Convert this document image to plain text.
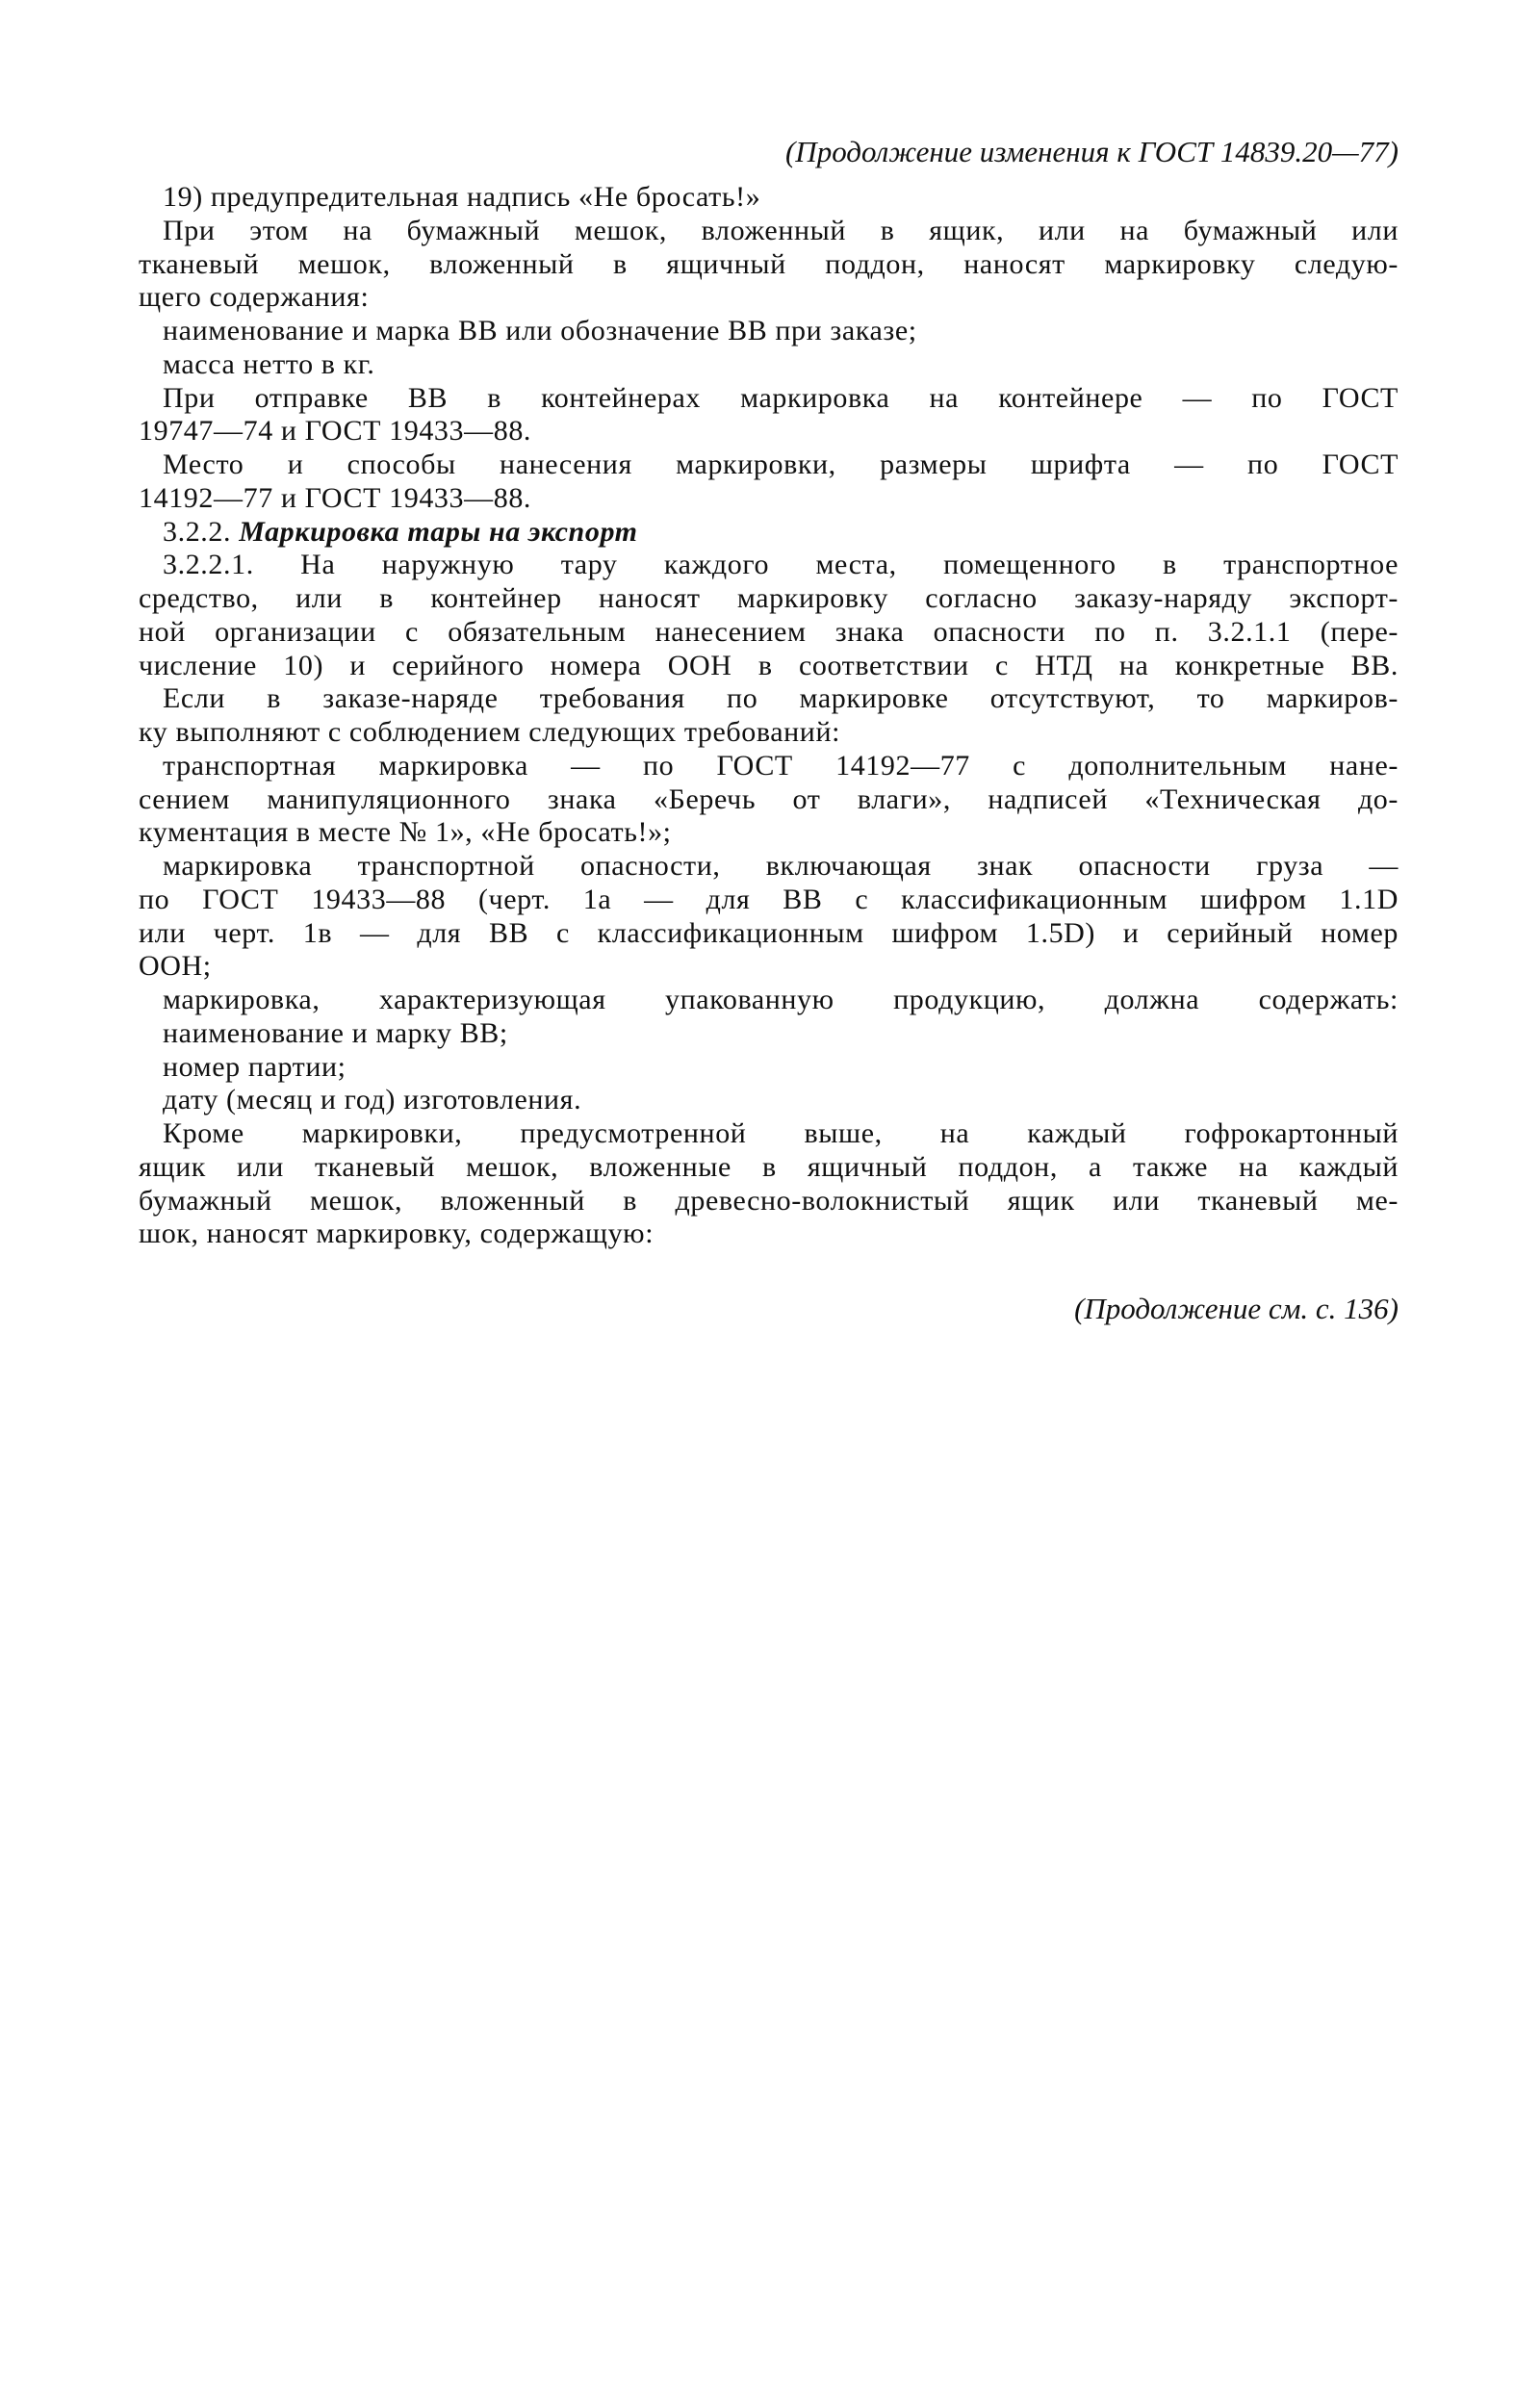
(Продолжение изменения к ГОСТ 14839.20—77)
19) предупредительная надпись «Не бросать!»
При этом на бумажный мешок, вложенный в ящик, или на бумажный или
тканевый мешок, вложенный в ящичный поддон, наносят маркировку следую-
щего содержания:
наименование и марка ВВ или обозначение ВВ при заказе;
масса нетто в кг.
При отправке ВВ в контейнерах маркировка на контейнере — по ГОСТ
19747—74 и ГОСТ 19433—88.
Место и способы нанесения маркировки, размеры шрифта — по ГОСТ
14192—77 и ГОСТ 19433—88.
3.2.2. Маркировка тары на экспорт
3.2.2.1. На наружную тару каждого места, помещенного в транспортное
средство, или в контейнер наносят маркировку согласно заказу-наряду экспорт-
ной организации с обязательным нанесением знака опасности по п. 3.2.1.1 (пере-
числение 10) и серийного номера ООН в соответствии с НТД на конкретные ВВ.
Если в заказе-наряде требования по маркировке отсутствуют, то маркиров-
ку выполняют с соблюдением следующих требований:
транспортная маркировка — по ГОСТ 14192—77 с дополнительным нане-
сением манипуляционного знака «Беречь от влаги», надписей «Техническая до-
кументация в месте № 1», «Не бросать!»;
маркировка транспортной опасности, включающая знак опасности груза —
по ГОСТ 19433—88 (черт. 1а — для ВВ с классификационным шифром 1.1D
или черт. 1в — для ВВ с классификационным шифром 1.5D) и серийный номер
ООН;
маркировка, характеризующая упакованную продукцию, должна содержать:
наименование и марку ВВ;
номер партии;
дату (месяц и год) изготовления.
Кроме маркировки, предусмотренной выше, на каждый гофрокартонный
ящик или тканевый мешок, вложенные в ящичный поддон, а также на каждый
бумажный мешок, вложенный в древесно-волокнистый ящик или тканевый ме-
шок, наносят маркировку, содержащую:
(Продолжение см. с. 136)
